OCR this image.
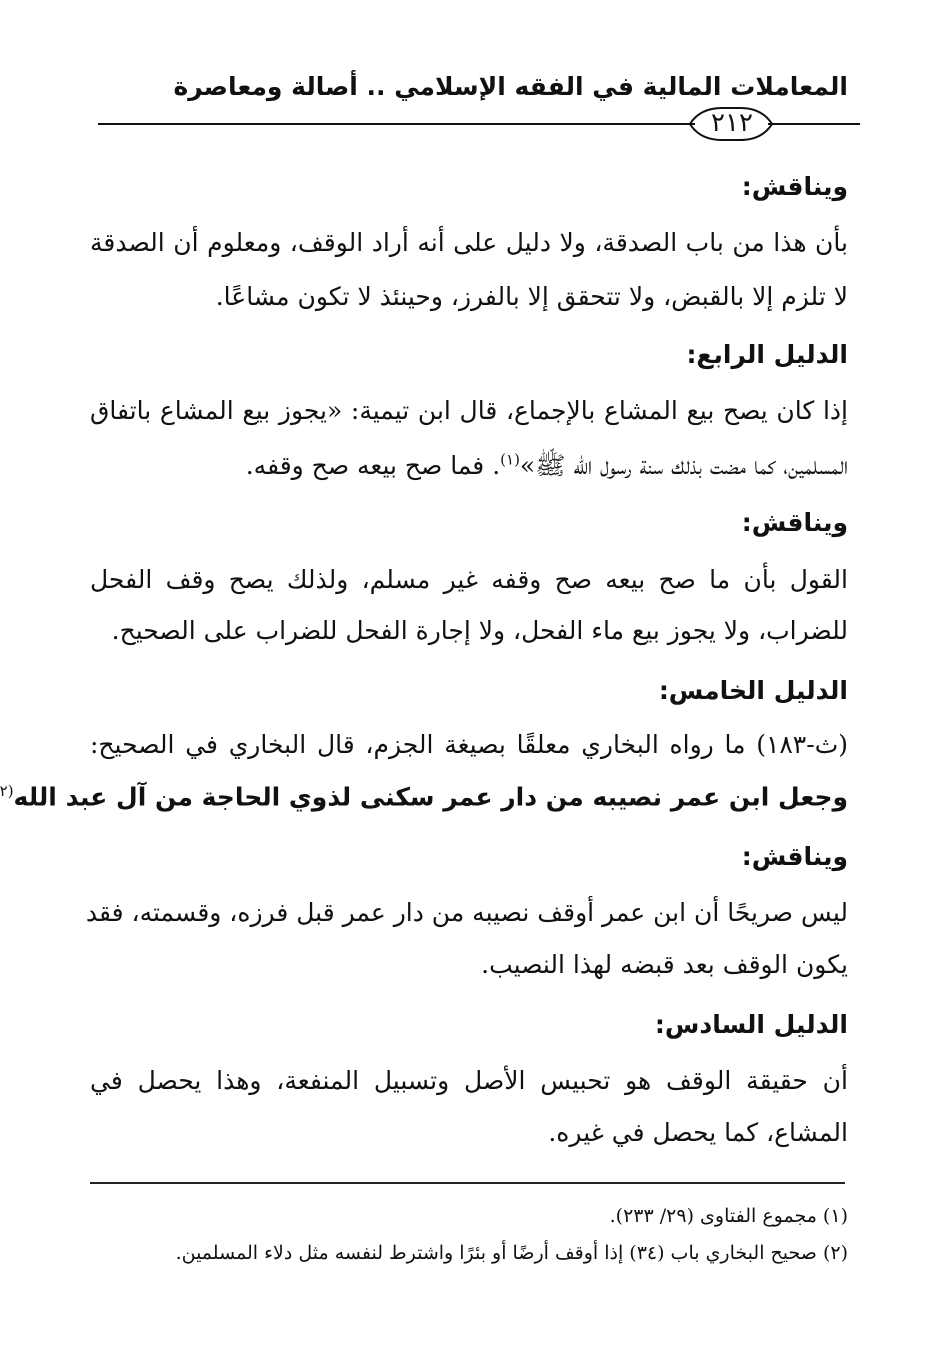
المعاملات المالية في الفقه الإسلامي .. أصالة ومعاصرة
٢١٢
ويناقش:
بأن هذا من باب الصدقة، ولا دليل على أنه أراد الوقف، ومعلوم أن الصدقة
لا تلزم إلا بالقبض، ولا تتحقق إلا بالفرز، وحينئذ لا تكون مشاعًا.
الدليل الرابع:
إذا كان يصح بيع المشاع بالإجماع، قال ابن تيمية: «يجوز بيع المشاع باتفاق
المسلمين، كما مضت بذلك سنة رسول الله ﷺ»$^{(١)}$. فما صح بيعه صح وقفه.
ويناقش:
القول بأن ما صح بيعه صح وقفه غير مسلم، ولذلك يصح وقف الفحل
للضراب، ولا يجوز بيع ماء الفحل، ولا إجارة الفحل للضراب على الصحيح.
الدليل الخامس:
(ث-١٨٣) ما رواه البخاري معلقًا بصيغة الجزم، قال البخاري في الصحيح:
وجعل ابن عمر نصيبه من دار عمر سكنى لذوي الحاجة من آل عبد الله$^{(٢}$
ويناقش:
ليس صريحًا أن ابن عمر أوقف نصيبه من دار عمر قبل فرزه، وقسمته، فقد
يكون الوقف بعد قبضه لهذا النصيب.
الدليل السادس:
أن حقيقة الوقف هو تحبيس الأصل وتسبيل المنفعة، وهذا يحصل في
المشاع، كما يحصل في غيره.
(١) مجموع الفتاوى (٢٩/ ٢٣٣).
(٢) صحيح البخاري باب (٣٤) إذا أوقف أرضًا أو بئرًا واشترط لنفسه مثل دلاء المسلمين.
